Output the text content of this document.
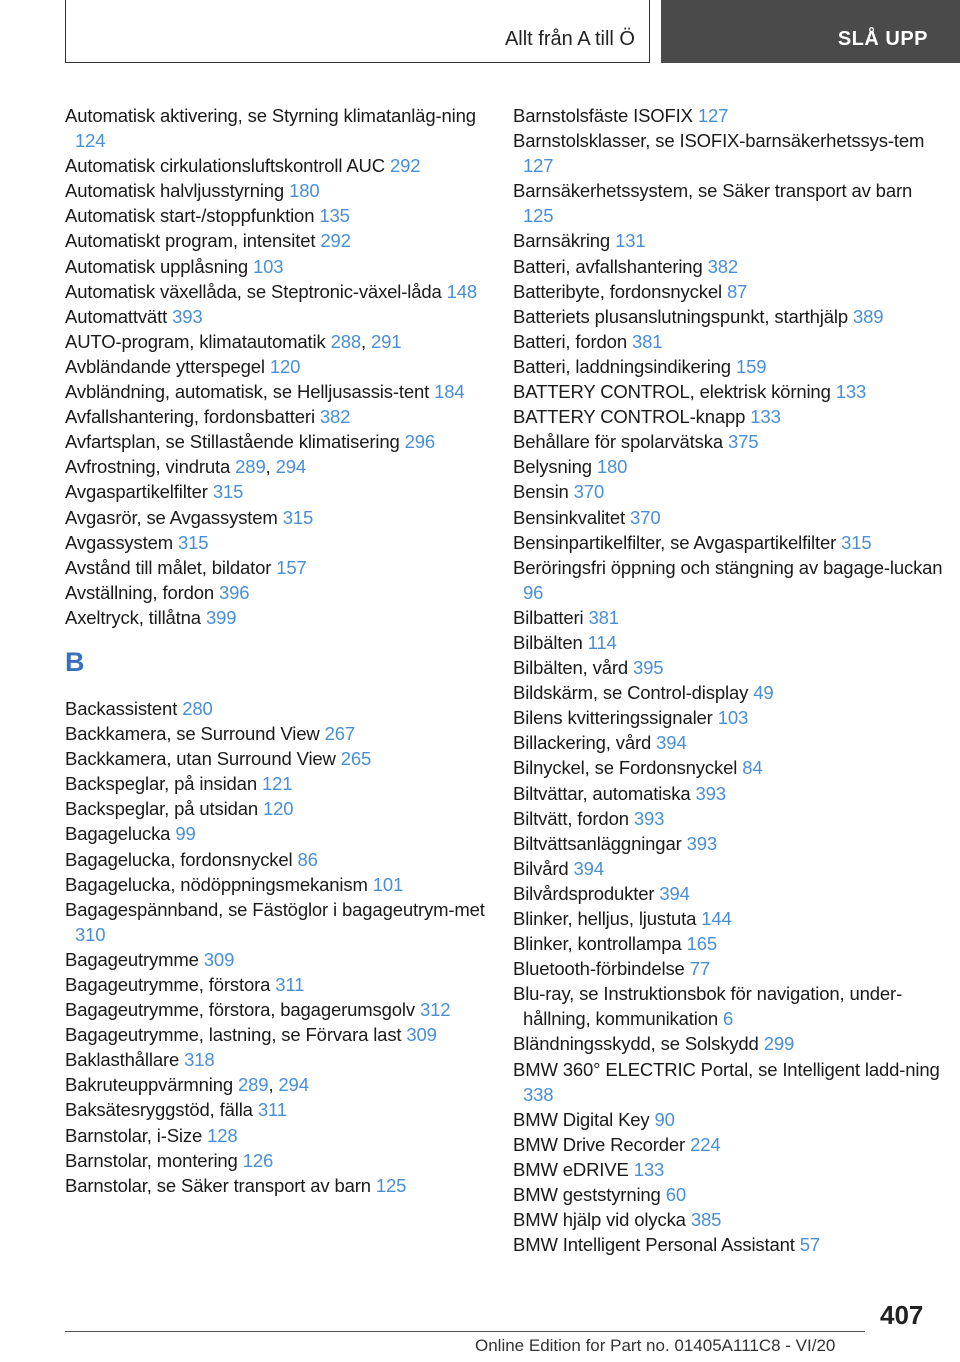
Allt från A till Ö	SLÅ UPP
Automatisk aktivering, se Styrning klimatanläg-ning 124
Automatisk cirkulationsluftskontroll AUC 292
Automatisk halvljusstyrning 180
Automatisk start-/stoppfunktion 135
Automatiskt program, intensitet 292
Automatisk upplåsning 103
Automatisk växellåda, se Steptronic-växel-låda 148
Automattvätt 393
AUTO-program, klimatautomatik 288, 291
Avbländande ytterspegel 120
Avbländning, automatisk, se Helljusassis-tent 184
Avfallshantering, fordonsbatteri 382
Avfartsplan, se Stillastående klimatisering 296
Avfrostning, vindruta 289, 294
Avgaspartikelfilter 315
Avgasrör, se Avgassystem 315
Avgassystem 315
Avstånd till målet, bildator 157
Avställning, fordon 396
Axeltryck, tillåtna 399
B
Backassistent 280
Backkamera, se Surround View 267
Backkamera, utan Surround View 265
Backspeglar, på insidan 121
Backspeglar, på utsidan 120
Bagagelucka 99
Bagagelucka, fordonsnyckel 86
Bagagelucka, nödöppningsmekanism 101
Bagagespännband, se Fästöglor i bagageutrym-met 310
Bagageutrymme 309
Bagageutrymme, förstora 311
Bagageutrymme, förstora, bagagerumsgolv 312
Bagageutrymme, lastning, se Förvara last 309
Baklasthållare 318
Bakruteuppvärmning 289, 294
Baksätesryggstöd, fälla 311
Barnstolar, i-Size 128
Barnstolar, montering 126
Barnstolar, se Säker transport av barn 125
Barnstolsfäste ISOFIX 127
Barnstolsklasser, se ISOFIX-barnsäkerhetssys-tem 127
Barnsäkerhetssystem, se Säker transport av barn 125
Barnsäkring 131
Batteri, avfallshantering 382
Batteribyte, fordonsnyckel 87
Batteriets plusanslutningspunkt, starthjälp 389
Batteri, fordon 381
Batteri, laddningsindikering 159
BATTERY CONTROL, elektrisk körning 133
BATTERY CONTROL-knapp 133
Behållare för spolarvätska 375
Belysning 180
Bensin 370
Bensinkvalitet 370
Bensinpartikelfilter, se Avgaspartikelfilter 315
Beröringsfri öppning och stängning av bagage-luckan 96
Bilbatteri 381
Bilbälten 114
Bilbälten, vård 395
Bildskärm, se Control-display 49
Bilens kvitteringssignaler 103
Billackering, vård 394
Bilnyckel, se Fordonsnyckel 84
Biltvättar, automatiska 393
Biltvätt, fordon 393
Biltvättsanläggningar 393
Bilvård 394
Bilvårdsprodukter 394
Blinker, helljus, ljustuta 144
Blinker, kontrollampa 165
Bluetooth-förbindelse 77
Blu-ray, se Instruktionsbok för navigation, under-hållning, kommunikation 6
Bländningsskydd, se Solskydd 299
BMW 360° ELECTRIC Portal, se Intelligent ladd-ning 338
BMW Digital Key 90
BMW Drive Recorder 224
BMW eDRIVE 133
BMW geststyrning 60
BMW hjälp vid olycka 385
BMW Intelligent Personal Assistant 57
407
Online Edition for Part no. 01405A111C8 - VI/20
